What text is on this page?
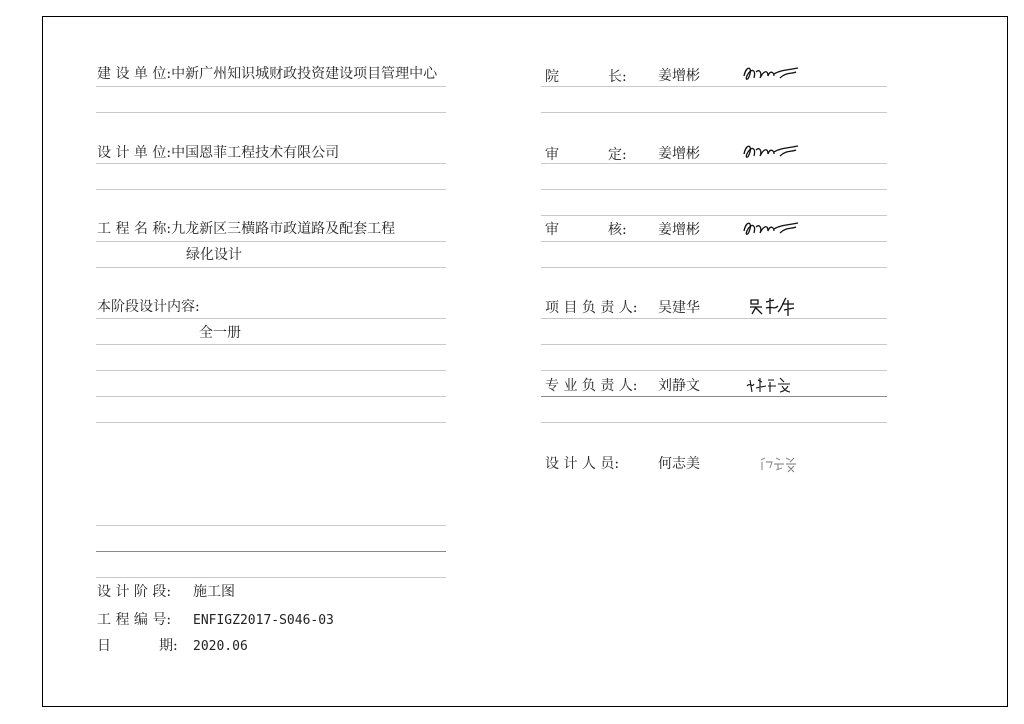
建 设 单 位:中新广州知识城财政投资建设项目管理中心
设 计 单 位:中国恩菲工程技术有限公司
工 程 名 称:九龙新区三横路市政道路及配套工程
绿化设计
本阶段设计内容:
全一册
设 计 阶 段: 施工图
工 程 编 号: ENFIGZ2017-S046-03
日	期: 2020.06
院	长: 姜增彬
审	定: 姜增彬
审	核: 姜增彬
项 目 负 责 人: 吴建华
专 业 负 责 人: 刘静文
设 计 人 员:	何志美
